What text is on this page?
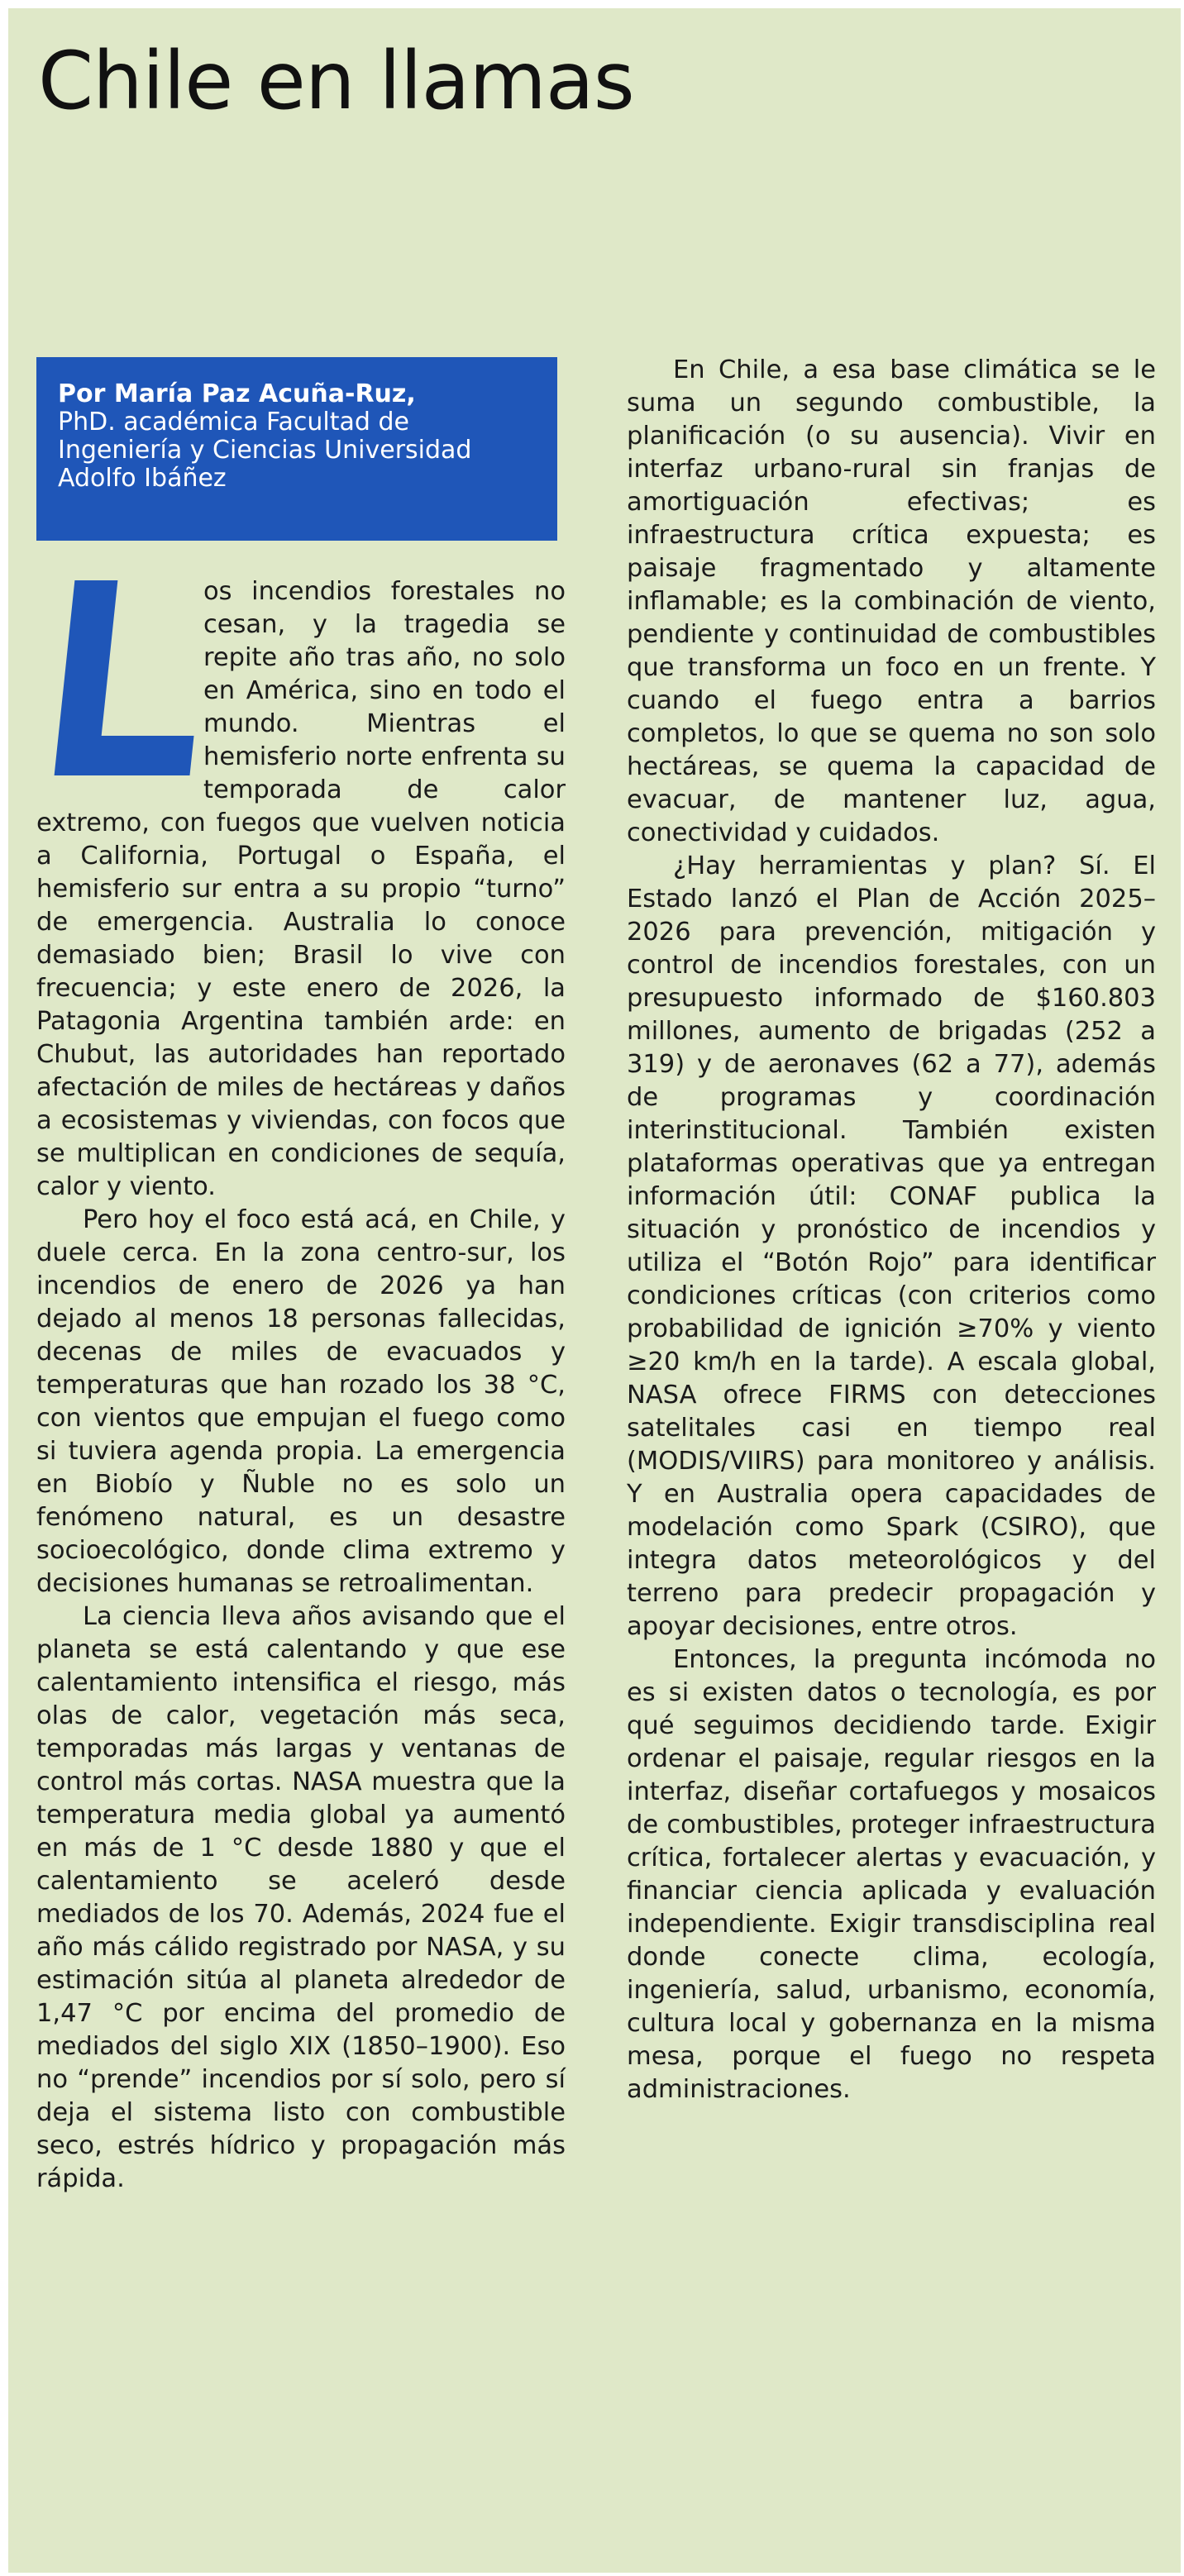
Chile en llamas
Por María Paz Acuña-Ruz,
PhD. académica Facultad de Ingeniería y Ciencias Universidad Adolfo Ibáñez

os incendios forestales no cesan, y la tragedia se repite año tras año, no solo en América, sino en todo el mundo. Mientras el hemisferio norte enfrenta su temporada de calor extremo, con fuegos que vuelven noticia a California, Portugal o España, el hemisferio sur entra a su propio “turno” de emergencia. Australia lo conoce demasiado bien; Brasil lo vive con frecuencia; y este enero de 2026, la Patagonia Argentina también arde: en Chubut, las autoridades han reportado afectación de miles de hectáreas y daños a ecosistemas y viviendas, con focos que se multiplican en condiciones de sequía, calor y viento.

Pero hoy el foco está acá, en Chile, y duele cerca. En la zona centro-sur, los incendios de enero de 2026 ya han dejado al menos 18 personas fallecidas, decenas de miles de evacuados y temperaturas que han rozado los 38 °C, con vientos que empujan el fuego como si tuviera agenda propia. La emergencia en Biobío y Ñuble no es solo un fenómeno natural, es un desastre socioecológico, donde clima extremo y decisiones humanas se retroalimentan.

La ciencia lleva años avisando que el planeta se está calentando y que ese calentamiento intensifica el riesgo, más olas de calor, vegetación más seca, temporadas más largas y ventanas de control más cortas. NASA muestra que la temperatura media global ya aumentó en más de 1 °C desde 1880 y que el calentamiento se aceleró desde mediados de los 70. Además, 2024 fue el año más cálido registrado por NASA, y su estimación sitúa al planeta alrededor de 1,47 °C por encima del promedio de mediados del siglo XIX (1850–1900). Eso no “prende” incendios por sí solo, pero sí deja el sistema listo con combustible seco, estrés hídrico y propagación más rápida.

En Chile, a esa base climática se le suma un segundo combustible, la planificación (o su ausencia). Vivir en interfaz urbano-rural sin franjas de amortiguación efectivas; es infraestructura crítica expuesta; es paisaje fragmentado y altamente inflamable; es la combinación de viento, pendiente y continuidad de combustibles que transforma un foco en un frente. Y cuando el fuego entra a barrios completos, lo que se quema no son solo hectáreas, se quema la capacidad de evacuar, de mantener luz, agua, conectividad y cuidados.

¿Hay herramientas y plan? Sí. El Estado lanzó el Plan de Acción 2025–2026 para prevención, mitigación y control de incendios forestales, con un presupuesto informado de $160.803 millones, aumento de brigadas (252 a 319) y de aeronaves (62 a 77), además de programas y coordinación interinstitucional. También existen plataformas operativas que ya entregan información útil: CONAF publica la situación y pronóstico de incendios y utiliza el “Botón Rojo” para identificar condiciones críticas (con criterios como probabilidad de ignición ≥70% y viento ≥20 km/h en la tarde). A escala global, NASA ofrece FIRMS con detecciones satelitales casi en tiempo real (MODIS/VIIRS) para monitoreo y análisis. Y en Australia opera capacidades de modelación como Spark (CSIRO), que integra datos meteorológicos y del terreno para predecir propagación y apoyar decisiones, entre otros.

Entonces, la pregunta incómoda no es si existen datos o tecnología, es por qué seguimos decidiendo tarde. Exigir ordenar el paisaje, regular riesgos en la interfaz, diseñar cortafuegos y mosaicos de combustibles, proteger infraestructura crítica, fortalecer alertas y evacuación, y financiar ciencia aplicada y evaluación independiente. Exigir transdisciplina real donde conecte clima, ecología, ingeniería, salud, urbanismo, economía, cultura local y gobernanza en la misma mesa, porque el fuego no respeta administraciones.
